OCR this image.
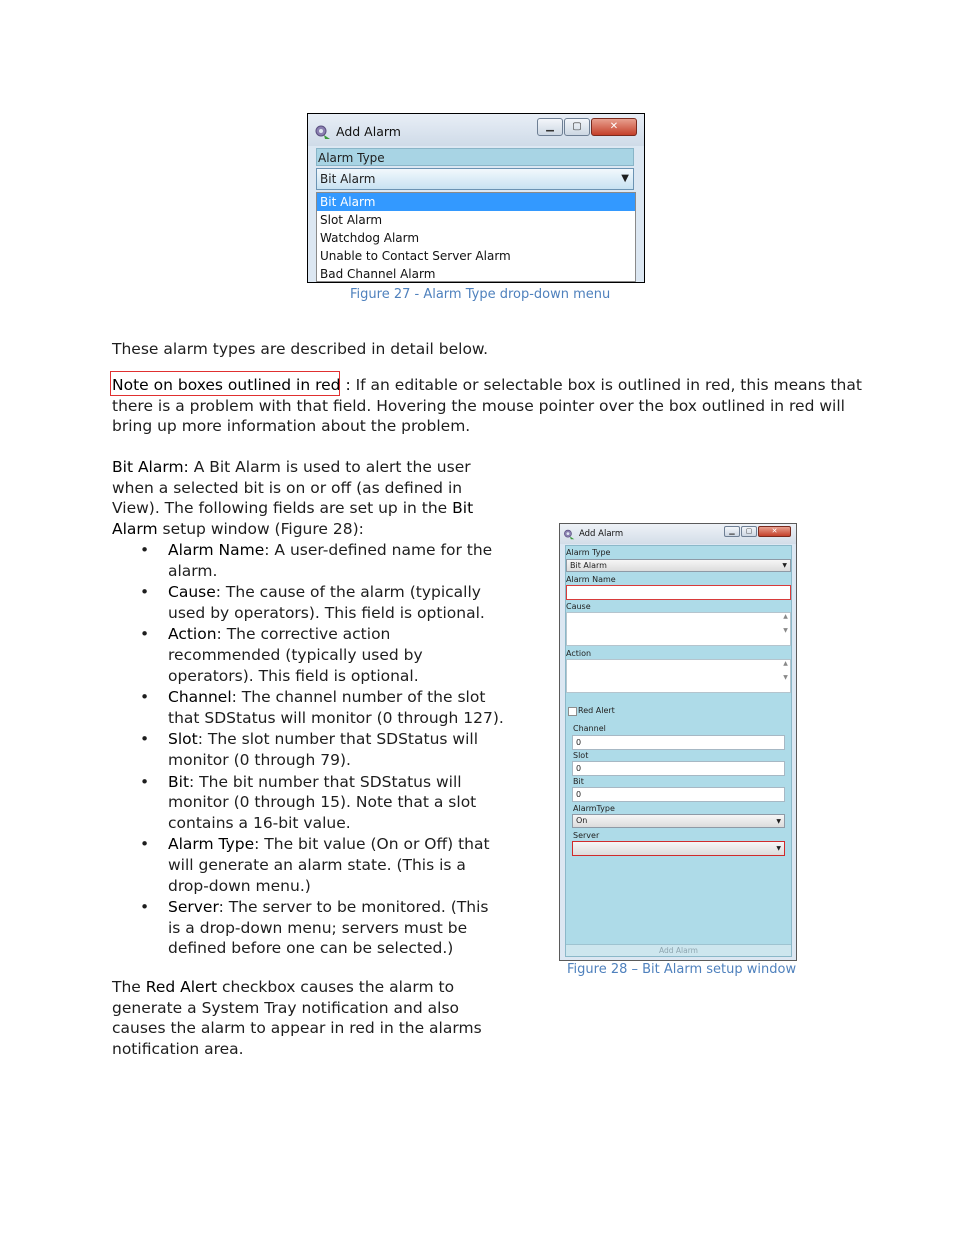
Add Alarm	▁	▢	✕
Alarm Type
Bit Alarm	▼
Bit Alarm
Slot Alarm
Watchdog Alarm
Unable to Contact Server Alarm
Bad Channel Alarm
Figure 27 - Alarm Type drop-down menu
These alarm types are described in detail below.
Note on boxes outlined in red : If an editable or selectable box is outlined in red, this means that
there is a problem with that field. Hovering the mouse pointer over the box outlined in red will
bring up more information about the problem.
Bit Alarm: A Bit Alarm is used to alert the user
when a selected bit is on or off (as defined in
View). The following fields are set up in the Bit
Alarm setup window (Figure 28):
• Alarm Name: A user-defined name for the
alarm.
• Cause: The cause of the alarm (typically
used by operators). This field is optional.
• Action: The corrective action
recommended (typically used by
operators). This field is optional.
• Channel: The channel number of the slot
that SDStatus will monitor (0 through 127).
• Slot: The slot number that SDStatus will
monitor (0 through 79).
• Bit: The bit number that SDStatus will
monitor (0 through 15). Note that a slot
contains a 16-bit value.
• Alarm Type: The bit value (On or Off) that
will generate an alarm state. (This is a
drop-down menu.)
• Server: The server to be monitored. (This
is a drop-down menu; servers must be
defined before one can be selected.)
The Red Alert checkbox causes the alarm to
generate a System Tray notification and also
causes the alarm to appear in red in the alarms
notification area.
Add Alarm	▁	▢	✕
Alarm Type
Bit Alarm	▼
Alarm Name
Cause
▲

▼
Action
▲

▼
Red Alert
Channel
0
Slot
0
Bit
0
AlarmType
On	▼
Server
▼
Add Alarm
Figure 28 – Bit Alarm setup window
